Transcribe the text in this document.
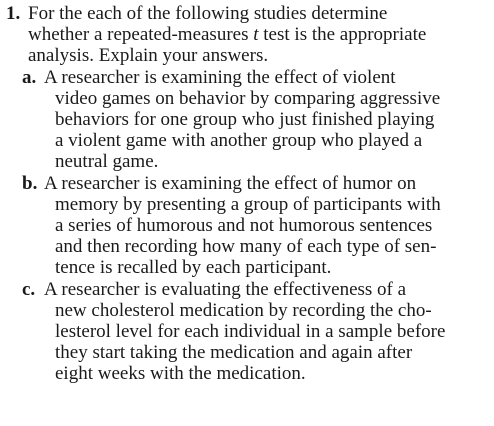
1. For the each of the following studies determine
whether a repeated-measures t test is the appropriate
analysis. Explain your answers.
a. A researcher is examining the effect of violent
video games on behavior by comparing aggressive
behaviors for one group who just finished playing
a violent game with another group who played a
neutral game.
b. A researcher is examining the effect of humor on
memory by presenting a group of participants with
a series of humorous and not humorous sentences
and then recording how many of each type of sen-
tence is recalled by each participant.
c. A researcher is evaluating the effectiveness of a
new cholesterol medication by recording the cho-
lesterol level for each individual in a sample before
they start taking the medication and again after
eight weeks with the medication.
